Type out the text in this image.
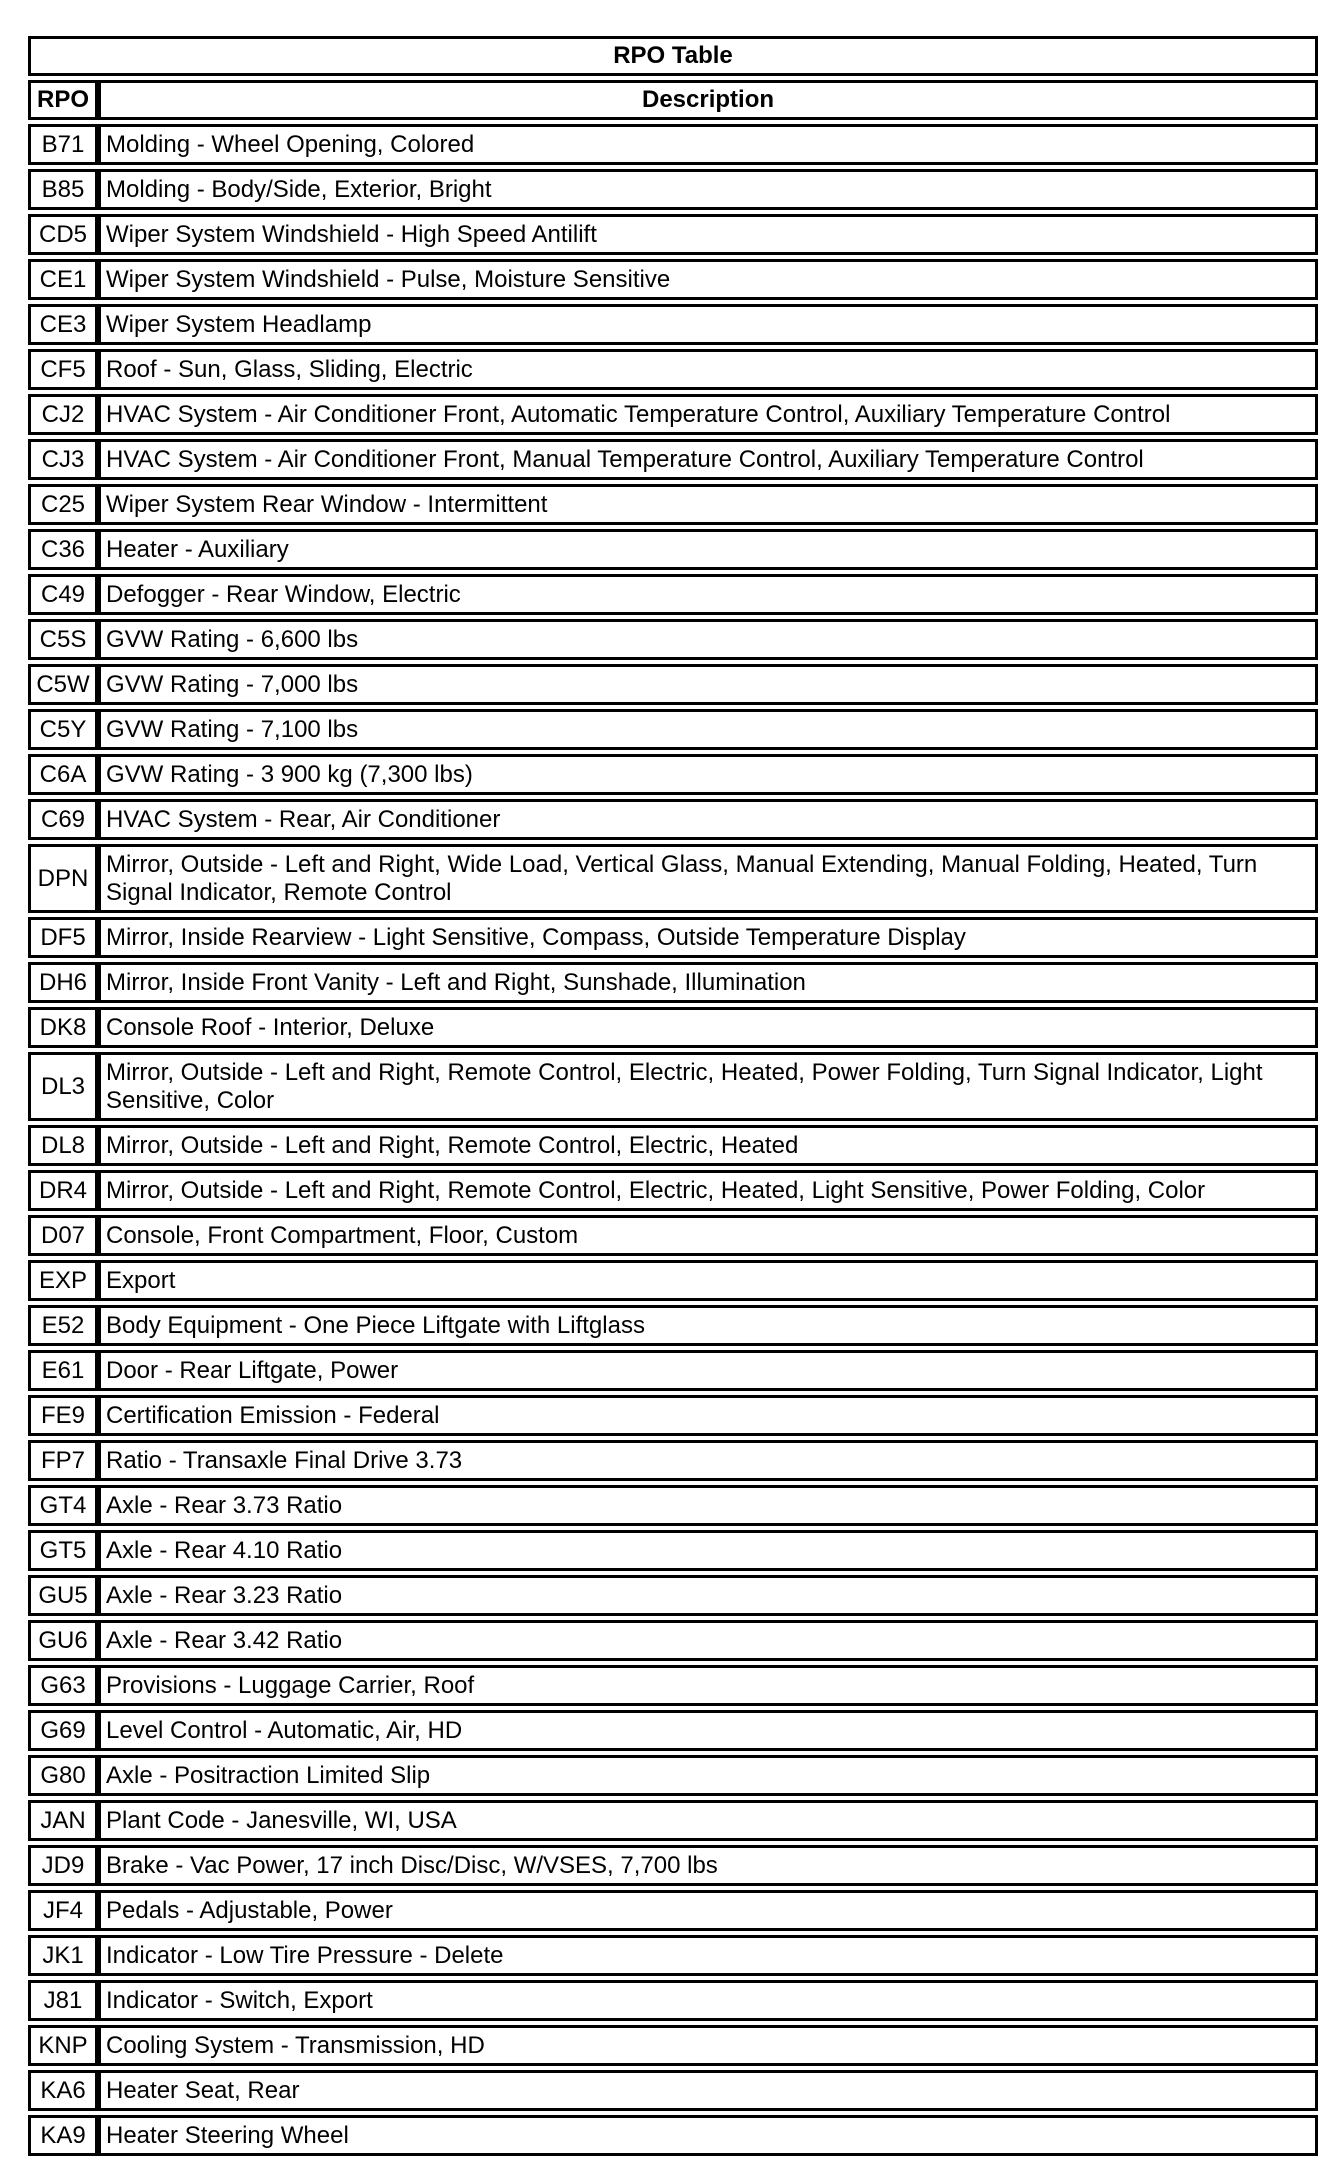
RPO Table	
RPO	Description
B71	Molding - Wheel Opening, Colored
B85	Molding - Body/Side, Exterior, Bright
CD5	Wiper System Windshield - High Speed Antilift
CE1	Wiper System Windshield - Pulse, Moisture Sensitive
CE3	Wiper System Headlamp
CF5	Roof - Sun, Glass, Sliding, Electric
CJ2	HVAC System - Air Conditioner Front, Automatic Temperature Control, Auxiliary Temperature Control
CJ3	HVAC System - Air Conditioner Front, Manual Temperature Control, Auxiliary Temperature Control
C25	Wiper System Rear Window - Intermittent
C36	Heater - Auxiliary
C49	Defogger - Rear Window, Electric
C5S	GVW Rating - 6,600 lbs
C5W	GVW Rating - 7,000 lbs
C5Y	GVW Rating - 7,100 lbs
C6A	GVW Rating - 3 900 kg (7,300 lbs)
C69	HVAC System - Rear, Air Conditioner
DPN	Mirror, Outside - Left and Right, Wide Load, Vertical Glass, Manual Extending, Manual Folding, Heated, Turn Signal Indicator, Remote Control
DF5	Mirror, Inside Rearview - Light Sensitive, Compass, Outside Temperature Display
DH6	Mirror, Inside Front Vanity - Left and Right, Sunshade, Illumination
DK8	Console Roof - Interior, Deluxe
DL3	Mirror, Outside - Left and Right, Remote Control, Electric, Heated, Power Folding, Turn Signal Indicator, Light Sensitive, Color
DL8	Mirror, Outside - Left and Right, Remote Control, Electric, Heated
DR4	Mirror, Outside - Left and Right, Remote Control, Electric, Heated, Light Sensitive, Power Folding, Color
D07	Console, Front Compartment, Floor, Custom
EXP	Export
E52	Body Equipment - One Piece Liftgate with Liftglass
E61	Door - Rear Liftgate, Power
FE9	Certification Emission - Federal
FP7	Ratio - Transaxle Final Drive 3.73
GT4	Axle - Rear 3.73 Ratio
GT5	Axle - Rear 4.10 Ratio
GU5	Axle - Rear 3.23 Ratio
GU6	Axle - Rear 3.42 Ratio
G63	Provisions - Luggage Carrier, Roof
G69	Level Control - Automatic, Air, HD
G80	Axle - Positraction Limited Slip
JAN	Plant Code - Janesville, WI, USA
JD9	Brake - Vac Power, 17 inch Disc/Disc, W/VSES, 7,700 lbs
JF4	Pedals - Adjustable, Power
JK1	Indicator - Low Tire Pressure - Delete
J81	Indicator - Switch, Export
KNP	Cooling System - Transmission, HD
KA6	Heater Seat, Rear
KA9	Heater Steering Wheel
